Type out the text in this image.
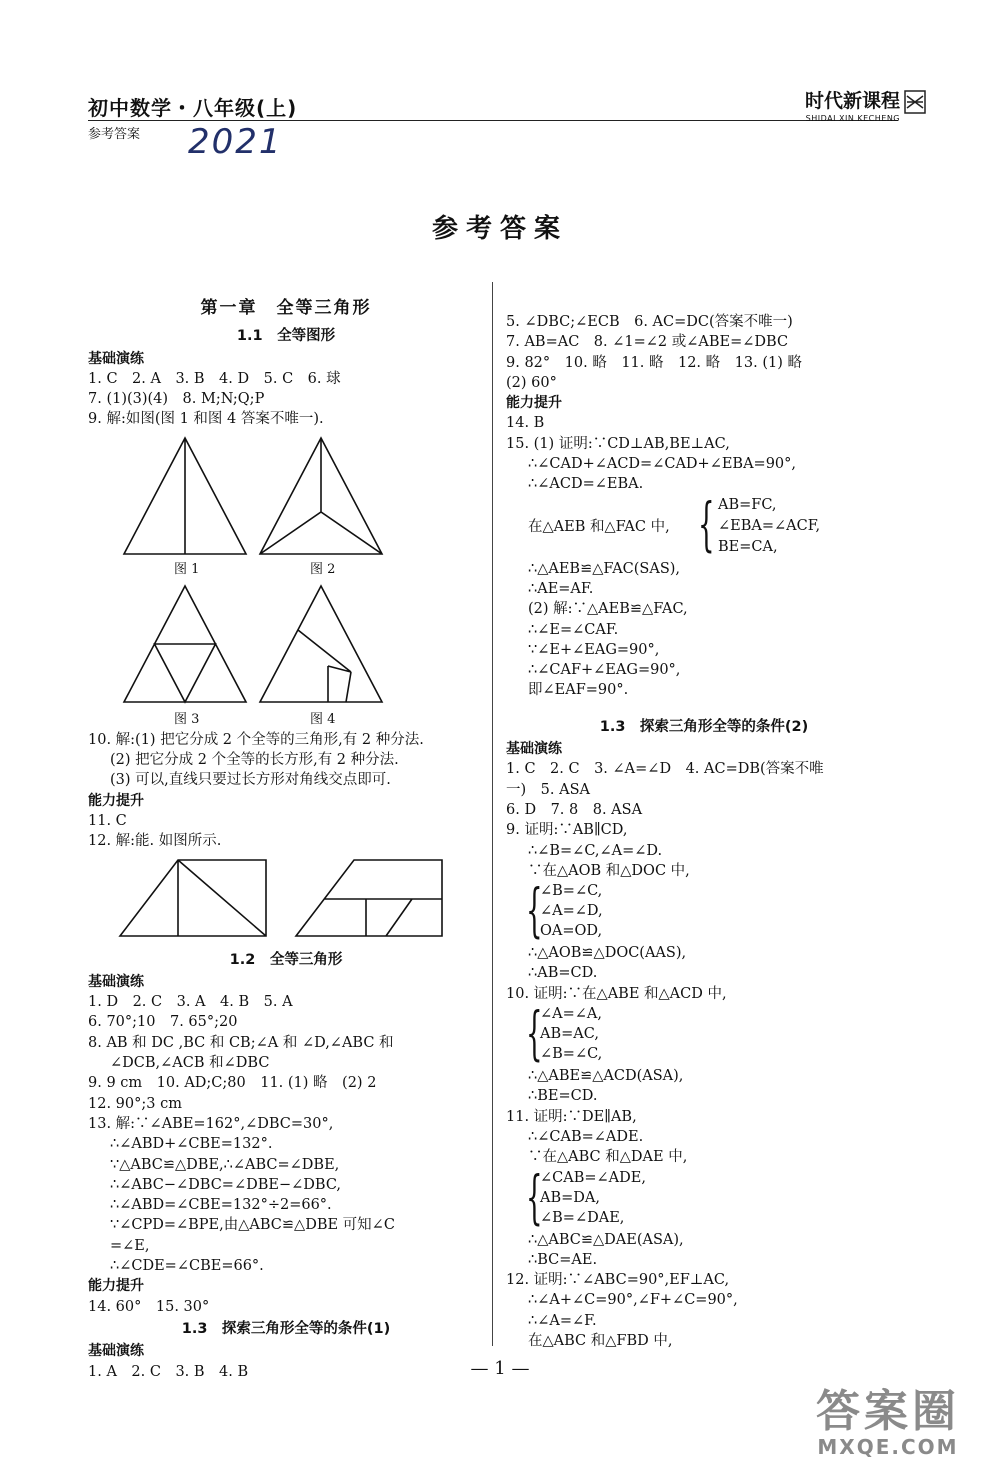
初中数学・八年级(上)
参考答案	2021
时代新课程
SHIDAI XIN KECHENG
参考答案
第一章　全等三角形
1.1　全等图形
基础演练
1. C　2. A　3. B　4. D　5. C　6. 球
7. (1)(3)(4)　8. M;N;Q;P
9. 解:如图(图 1 和图 4 答案不唯一).
图 1	图 2
图 3	图 4
10. 解:(1) 把它分成 2 个全等的三角形,有 2 种分法.
(2) 把它分成 2 个全等的长方形,有 2 种分法.
(3) 可以,直线只要过长方形对角线交点即可.
能力提升
11. C
12. 解:能. 如图所示.
1.2　全等三角形
基础演练
1. D　2. C　3. A　4. B　5. A
6. 70°;10　7. 65°;20
8. AB 和 DC ,BC 和 CB;∠A 和 ∠D,∠ABC 和
∠DCB,∠ACB 和∠DBC
9. 9 cm　10. AD;C;80　11. (1) 略　(2) 2
12. 90°;3 cm
13. 解:∵∠ABE=162°,∠DBC=30°,
∴∠ABD+∠CBE=132°.
∵△ABC≌△DBE,∴∠ABC=∠DBE,
∴∠ABC−∠DBC=∠DBE−∠DBC,
∴∠ABD=∠CBE=132°÷2=66°.
∵∠CPD=∠BPE,由△ABC≌△DBE 可知∠C
=∠E,
∴∠CDE=∠CBE=66°.
能力提升
14. 60°　15. 30°
1.3　探索三角形全等的条件(1)
基础演练
1. A　2. C　3. B　4. B
5. ∠DBC;∠ECB　6. AC=DC(答案不唯一)
7. AB=AC　8. ∠1=∠2 或∠ABE=∠DBC
9. 82°　10. 略　11. 略　12. 略　13. (1) 略
(2) 60°
能力提升
14. B
15. (1) 证明:∵CD⊥AB,BE⊥AC,
∴∠CAD+∠ACD=∠CAD+∠EBA=90°,
∴∠ACD=∠EBA.
在△AEB 和△FAC 中, { AB=FC,
∠EBA=∠ACF,
BE=CA,
∴△AEB≌△FAC(SAS),
∴AE=AF.
(2) 解:∵△AEB≌△FAC,
∴∠E=∠CAF.
∵∠E+∠EAG=90°,
∴∠CAF+∠EAG=90°,
即∠EAF=90°.
1.3　探索三角形全等的条件(2)
基础演练
1. C　2. C　3. ∠A=∠D　4. AC=DB(答案不唯
一)　5. ASA
6. D　7. 8　8. ASA
9. 证明:∵AB∥CD,
∴∠B=∠C,∠A=∠D.
∵在△AOB 和△DOC 中,
{
∠B=∠C,
∠A=∠D,
OA=OD,
∴△AOB≌△DOC(AAS),
∴AB=CD.
10. 证明:∵在△ABE 和△ACD 中,
{
∠A=∠A,
AB=AC,
∠B=∠C,
∴△ABE≌△ACD(ASA),
∴BE=CD.
11. 证明:∵DE∥AB,
∴∠CAB=∠ADE.
∵在△ABC 和△DAE 中,
{
∠CAB=∠ADE,
AB=DA,
∠B=∠DAE,
∴△ABC≌△DAE(ASA),
∴BC=AE.
12. 证明:∵∠ABC=90°,EF⊥AC,
∴∠A+∠C=90°,∠F+∠C=90°,
∴∠A=∠F.
在△ABC 和△FBD 中,
— 1 —
答案圈
MXQE.COM
